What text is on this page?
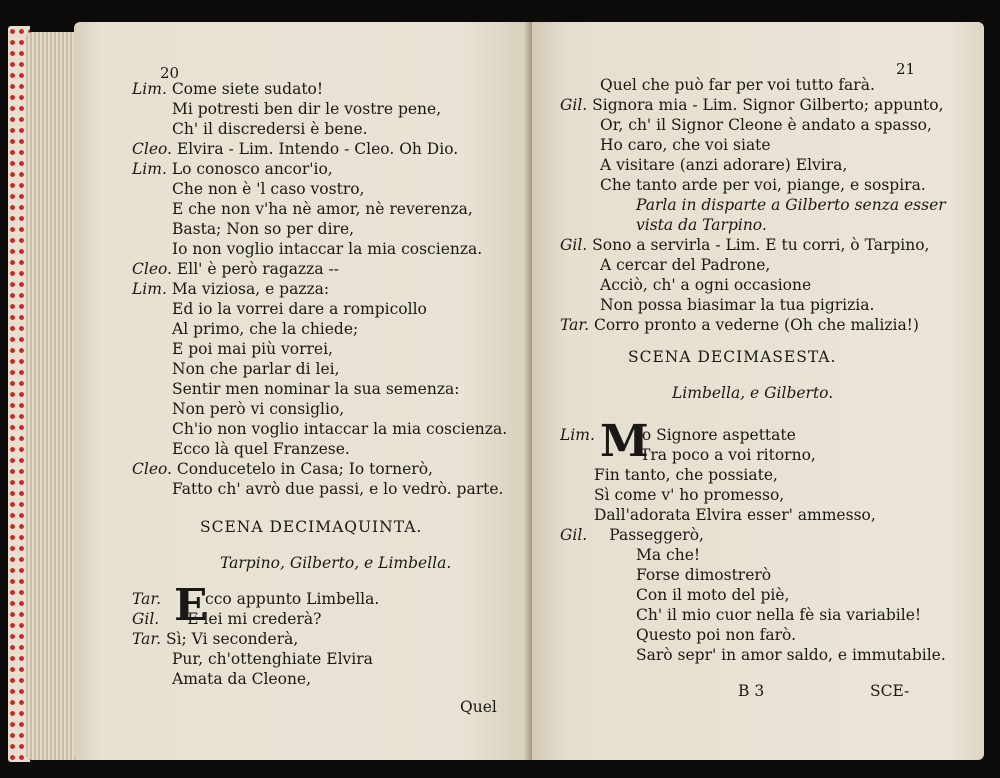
20
Lim. Come siete sudato!
Mi potresti ben dir le vostre pene,
Ch' il discredersi è bene.
Cleo. Elvira - Lim. Intendo - Cleo. Oh Dio.
Lim. Lo conosco ancor'io,
Che non è 'l caso vostro,
E che non v'ha nè amor, nè reverenza,
Basta; Non so per dire,
Io non voglio intaccar la mia coscienza.
Cleo. Ell' è però ragazza --
Lim. Ma viziosa, e pazza:
Ed io la vorrei dare a rompicollo
Al primo, che la chiede;
E poi mai più vorrei,
Non che parlar di lei,
Sentir men nominar la sua semenza:
Non però vi consiglio,
Ch'io non voglio intaccar la mia coscienza.
Ecco là quel Franzese.
Cleo. Conducetelo in Casa; Io tornerò,
Fatto ch' avrò due passi, e lo vedrò. parte.
SCENA DECIMAQUINTA.
Tarpino, Gilberto, e Limbella.
E
Tar.	cco appunto Limbella.
Gil. E lei mi crederà?
Tar. Sì; Vi seconderà,
Pur, ch'ottenghiate Elvira
Amata da Cleone,
Quel
21
Quel che può far per voi tutto farà.
Gil. Signora mia - Lim. Signor Gilberto; appunto,
Or, ch' il Signor Cleone è andato a spasso,
Ho caro, che voi siate
A visitare (anzi adorare) Elvira,
Che tanto arde per voi, piange, e sospira.
Parla in disparte a Gilberto senza esser
vista da Tarpino.
Gil. Sono a servirla - Lim. E tu corri, ò Tarpino,
A cercar del Padrone,
Acciò, ch' a ogni occasione
Non possa biasimar la tua pigrizia.
Tar. Corro pronto a vederne (Oh che malizia!)
SCENA DECIMASESTA.
Limbella, e Gilberto.
M
Lim.	io Signore aspettate
Tra poco a voi ritorno,
Fin tanto, che possiate,
Sì come v' ho promesso,
Dall'adorata Elvira esser' ammesso,
Gil. Passeggerò,
Ma che!
Forse dimostrerò
Con il moto del piè,
Ch' il mio cuor nella fè sia variabile!
Questo poi non farò.
Sarò sepr' in amor saldo, e immutabile.
B 3	SCE-
